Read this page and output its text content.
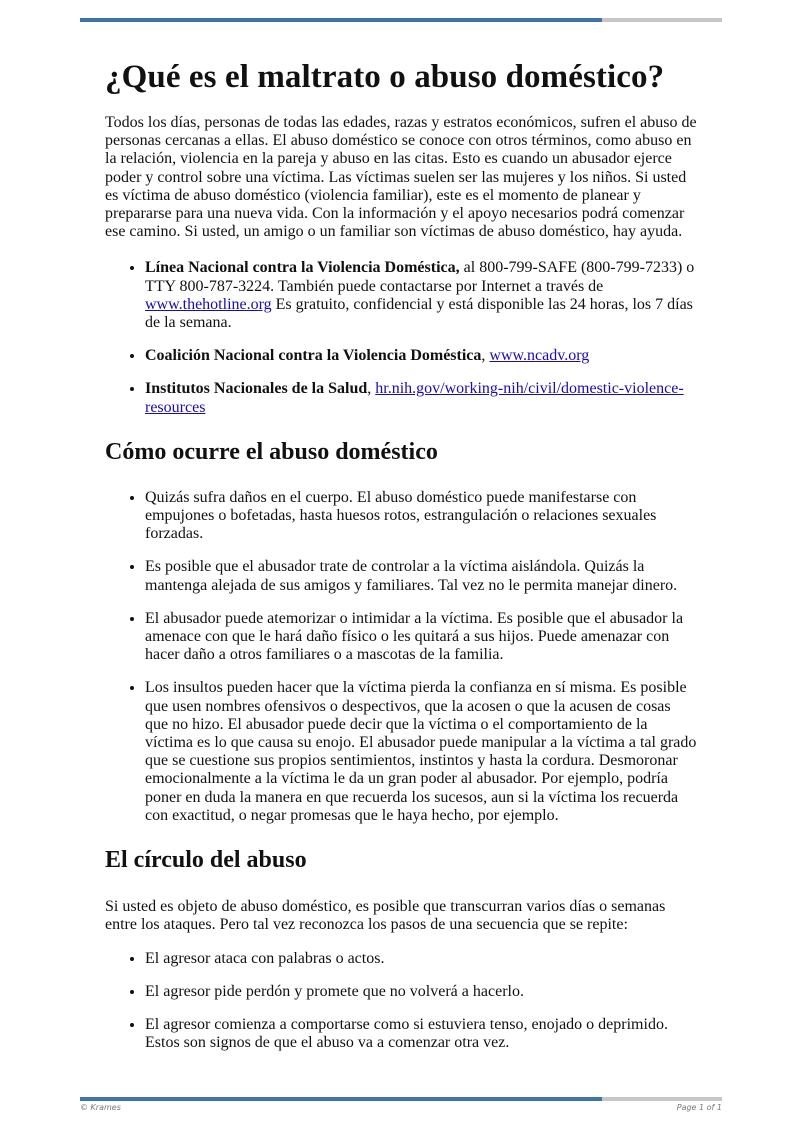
¿Qué es el maltrato o abuso doméstico?

Todos los días, personas de todas las edades, razas y estratos económicos, sufren el abuso de personas cercanas a ellas. El abuso doméstico se conoce con otros términos, como abuso en la relación, violencia en la pareja y abuso en las citas. Esto es cuando un abusador ejerce poder y control sobre una víctima. Las víctimas suelen ser las mujeres y los niños. Si usted es víctima de abuso doméstico (violencia familiar), este es el momento de planear y prepararse para una nueva vida. Con la información y el apoyo necesarios podrá comenzar ese camino. Si usted, un amigo o un familiar son víctimas de abuso doméstico, hay ayuda.

• Línea Nacional contra la Violencia Doméstica, al 800-799-SAFE (800-799-7233) o TTY 800-787-3224. También puede contactarse por Internet a través de www.thehotline.org Es gratuito, confidencial y está disponible las 24 horas, los 7 días de la semana.
• Coalición Nacional contra la Violencia Doméstica, www.ncadv.org
• Institutos Nacionales de la Salud, hr.nih.gov/working-nih/civil/domestic-violence-resources
Cómo ocurre el abuso doméstico
• Quizás sufra daños en el cuerpo. El abuso doméstico puede manifestarse con empujones o bofetadas, hasta huesos rotos, estrangulación o relaciones sexuales forzadas.
• Es posible que el abusador trate de controlar a la víctima aislándola. Quizás la mantenga alejada de sus amigos y familiares. Tal vez no le permita manejar dinero.
• El abusador puede atemorizar o intimidar a la víctima. Es posible que el abusador la amenace con que le hará daño físico o les quitará a sus hijos. Puede amenazar con hacer daño a otros familiares o a mascotas de la familia.
• Los insultos pueden hacer que la víctima pierda la confianza en sí misma. Es posible que usen nombres ofensivos o despectivos, que la acosen o que la acusen de cosas que no hizo. El abusador puede decir que la víctima o el comportamiento de la víctima es lo que causa su enojo. El abusador puede manipular a la víctima a tal grado que se cuestione sus propios sentimientos, instintos y hasta la cordura. Desmoronar emocionalmente a la víctima le da un gran poder al abusador. Por ejemplo, podría poner en duda la manera en que recuerda los sucesos, aun si la víctima los recuerda con exactitud, o negar promesas que le haya hecho, por ejemplo.
El círculo del abuso

Si usted es objeto de abuso doméstico, es posible que transcurran varios días o semanas entre los ataques. Pero tal vez reconozca los pasos de una secuencia que se repite:

• El agresor ataca con palabras o actos.
• El agresor pide perdón y promete que no volverá a hacerlo.
• El agresor comienza a comportarse como si estuviera tenso, enojado o deprimido. Estos son signos de que el abuso va a comenzar otra vez.
© Krames	Page 1 of 1
